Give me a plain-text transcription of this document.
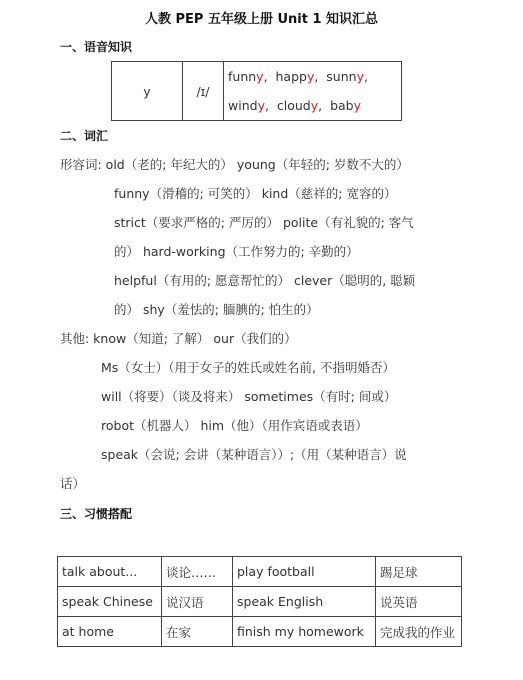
人教 PEP 五年级上册 Unit 1 知识汇总
一、语音知识
y	/ɪ/	
funny,  happy,  sunny,
windy,  cloudy,  baby
二、词汇
形容词: old（老的; 年纪大的） young（年轻的; 岁数不大的）
funny（滑稽的; 可笑的） kind（慈祥的; 宽容的）
strict（要求严格的; 严厉的） polite（有礼貌的; 客气
的） hard-working（工作努力的; 辛勤的）
helpful（有用的; 愿意帮忙的） clever（聪明的, 聪颖
的） shy（羞怯的; 腼腆的; 怕生的）
其他: know（知道; 了解） our（我们的）
Ms（女士）（用于女子的姓氏或姓名前, 不指明婚否）
will（将要）（谈及将来） sometimes（有时; 间或）
robot（机器人） him（他）（用作宾语或表语）
speak（会说; 会讲（某种语言））;（用（某种语言）说
话）
三、习惯搭配
talk about...	谈论……	play football	踢足球
speak Chinese	说汉语	speak English	说英语
at home	在家	finish my homework	完成我的作业
